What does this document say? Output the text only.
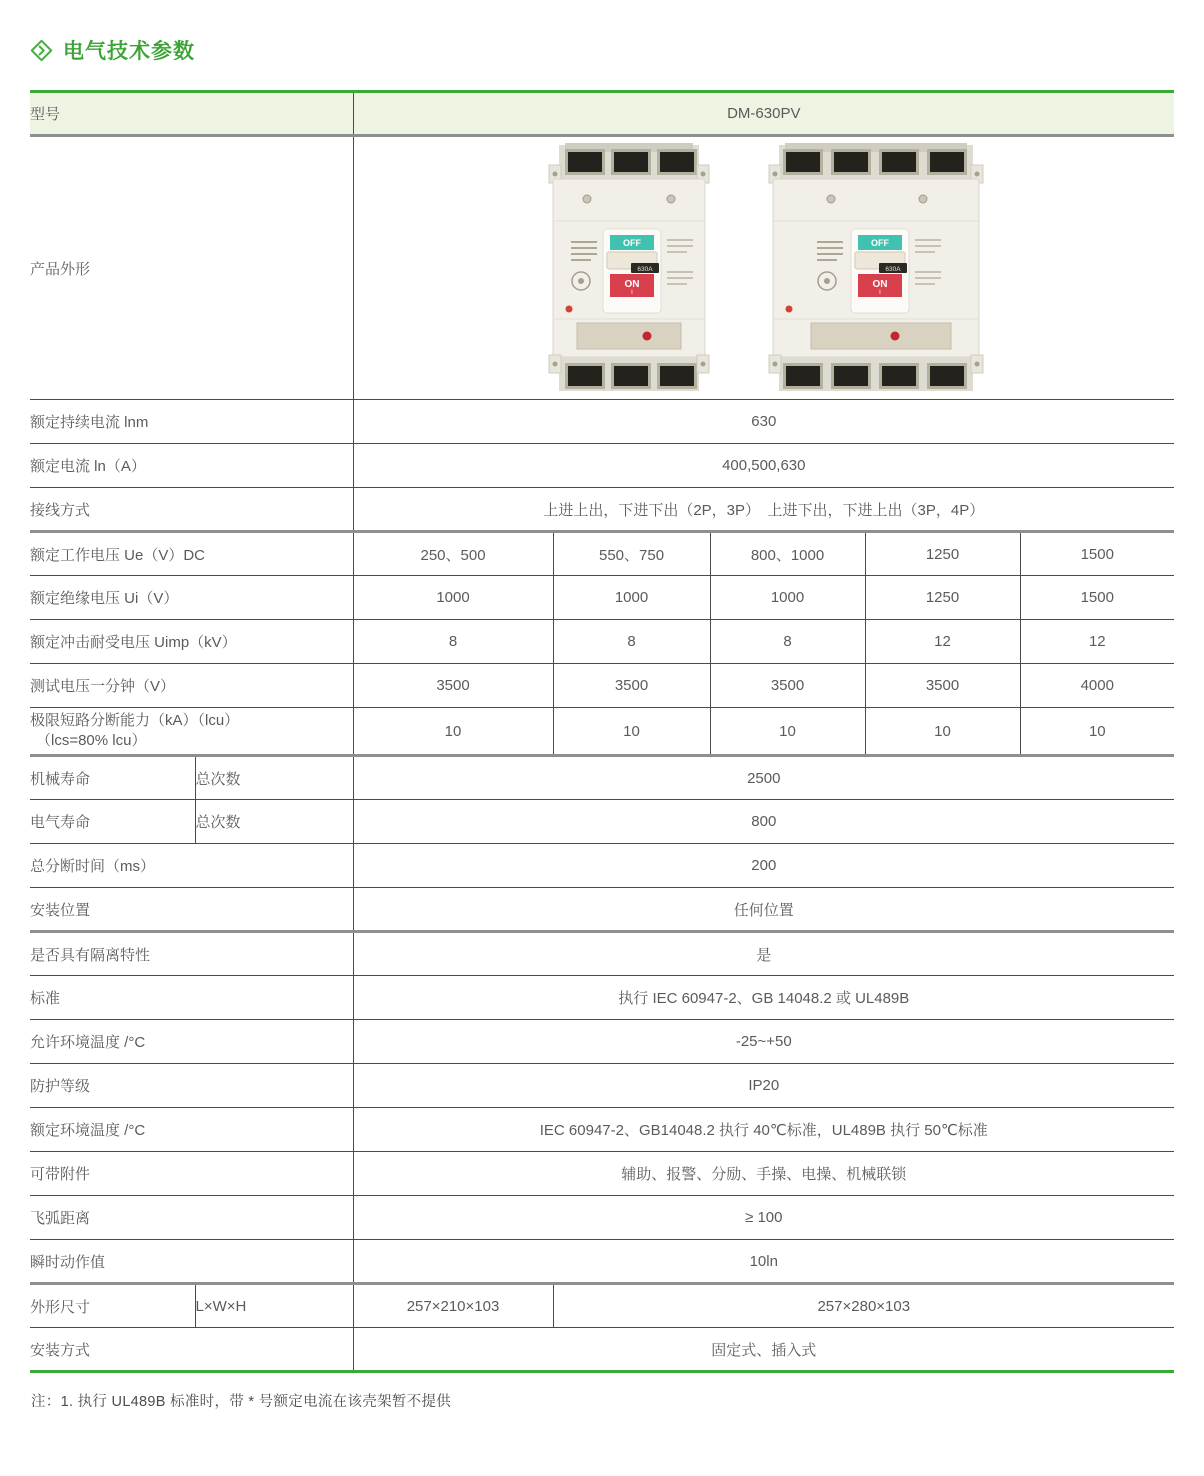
电气技术参数
型号		DM-630PV				
产品外形	
OFF
630A
ON
I
OFF
630A
ON
I

额定持续电流 lnm		630				
额定电流 ln（A）		400,500,630				
接线方式		上进上出，下进下出（2P，3P）　上进下出，下进上出（3P，4P）				
额定工作电压 Ue（V）DC		250、500	550、750	800、1000	1250	1500
额定绝缘电压 Ui（V）		1000	1000	1000	1250	1500
额定冲击耐受电压 Uimp（kV）		8	8	8	12	12
测试电压一分钟（V）		3500	3500	3500	3500	4000

极限短路分断能力（kA）（lcu）
（lcs=80% lcu）		10	10	10	10	10
机械寿命	总次数	2500				
电气寿命	总次数	800				
总分断时间（ms）		200				
安装位置		任何位置				
是否具有隔离特性		是				
标准		执行 IEC 60947-2、GB 14048.2 或 UL489B				
允许环境温度 /°C		-25~+50				
防护等级		IP20				
额定环境温度 /°C		IEC 60947-2、GB14048.2 执行 40℃标准，UL489B 执行 50℃标准				
可带附件		辅助、报警、分励、手操、电操、机械联锁				
飞弧距离		≥ 100				
瞬时动作值		10ln				
外形尺寸	L×W×H	257×210×103	257×280×103			
安装方式		固定式、插入式				
注：1. 执行 UL489B 标准时，带 * 号额定电流在该壳架暂不提供
